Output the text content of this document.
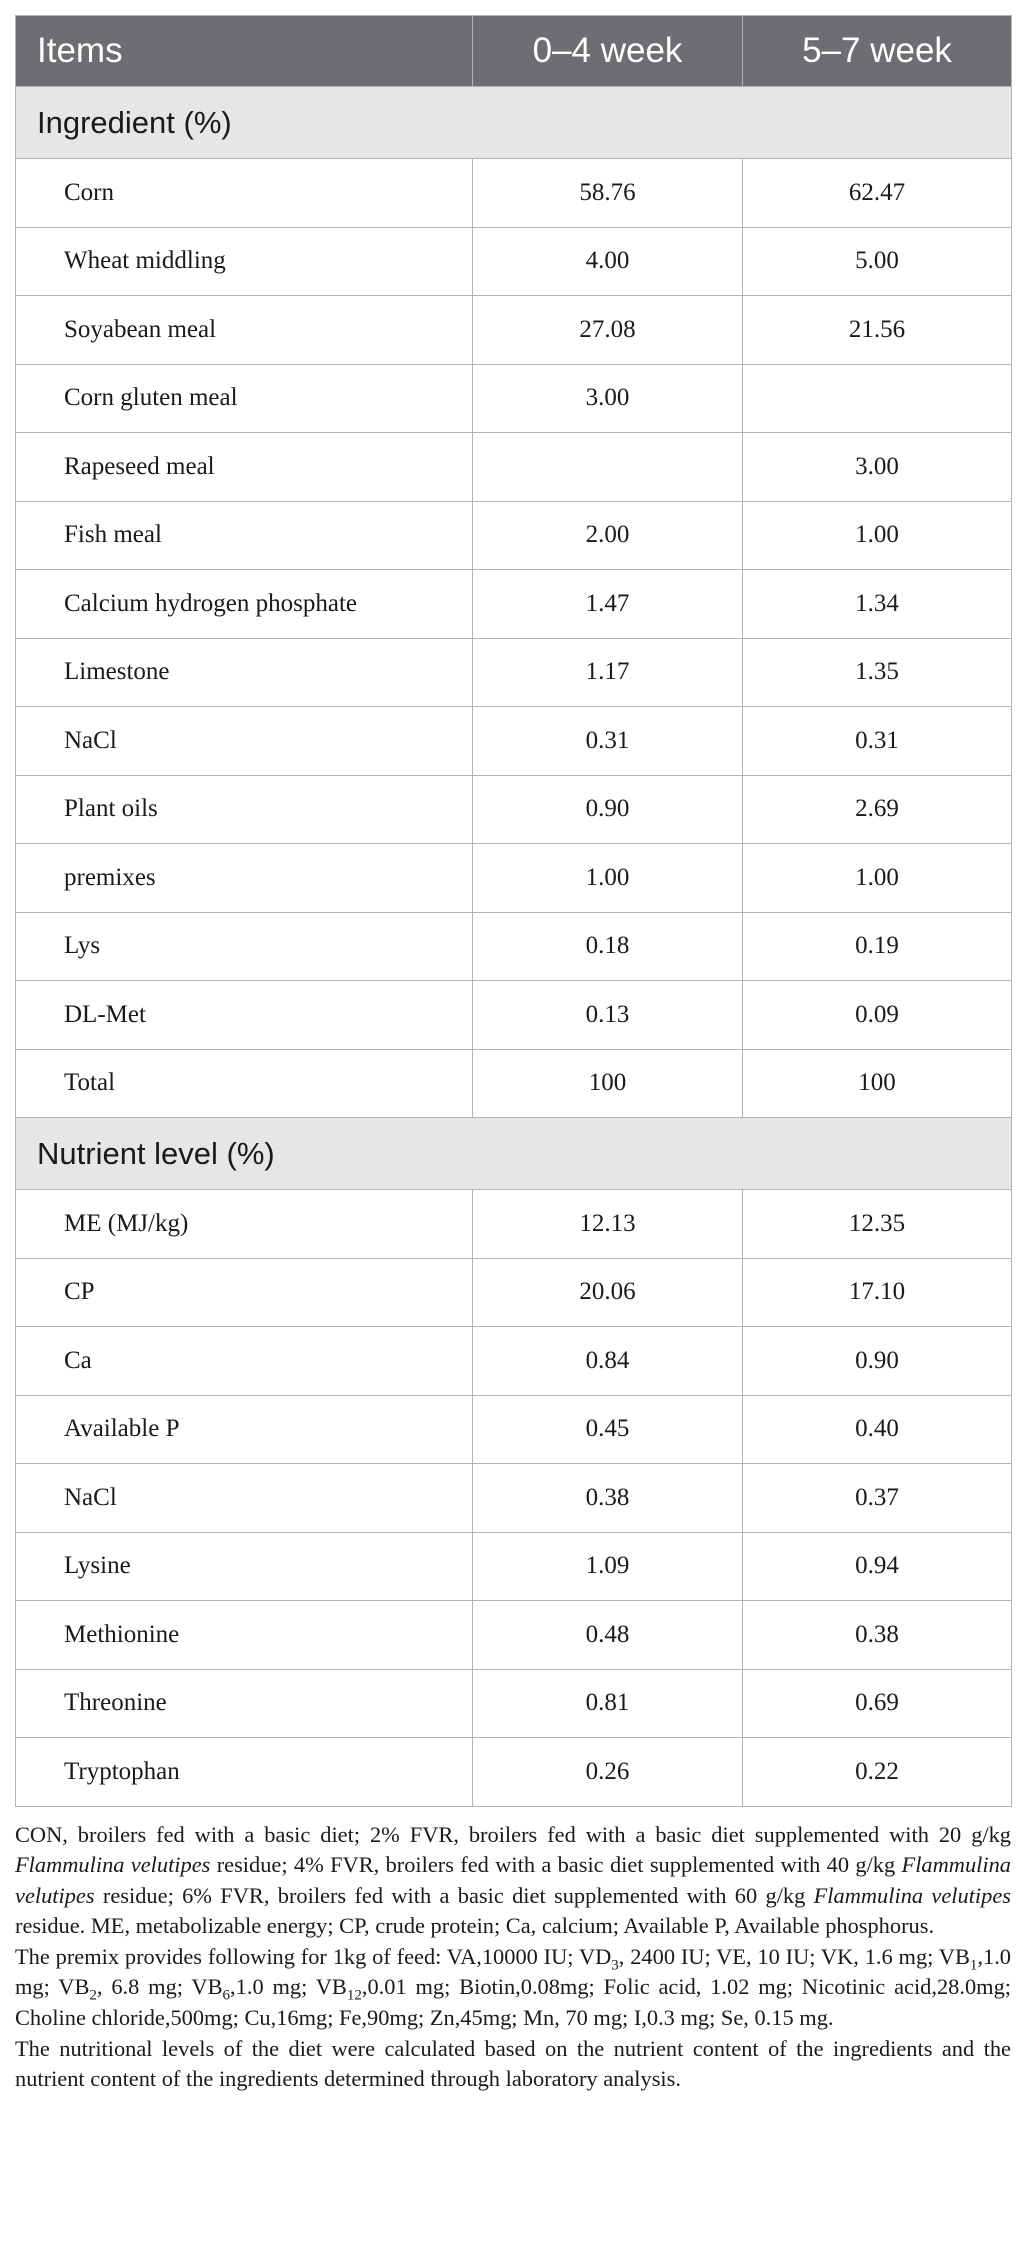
Items	0–4 week	5–7 week
Ingredient (%)		
Corn	58.76	62.47
Wheat middling	4.00	5.00
Soyabean meal	27.08	21.56
Corn gluten meal	3.00	
Rapeseed meal		3.00
Fish meal	2.00	1.00
Calcium hydrogen phosphate	1.47	1.34
Limestone	1.17	1.35
NaCl	0.31	0.31
Plant oils	0.90	2.69
premixes	1.00	1.00
Lys	0.18	0.19
DL-Met	0.13	0.09
Total	100	100
Nutrient level (%)		
ME (MJ/kg)	12.13	12.35
CP	20.06	17.10
Ca	0.84	0.90
Available P	0.45	0.40
NaCl	0.38	0.37
Lysine	1.09	0.94
Methionine	0.48	0.38
Threonine	0.81	0.69
Tryptophan	0.26	0.22

CON, broilers fed with a basic diet; 2% FVR, broilers fed with a basic diet supplemented with 20 g/kg Flammulina velutipes residue; 4% FVR, broilers fed with a basic diet supplemented with 40 g/kg Flammulina velutipes residue; 6% FVR, broilers fed with a basic diet supplemented with 60 g/kg Flammulina velutipes residue. ME, metabolizable energy; CP, crude protein; Ca, calcium; Available P, Available phosphorus.

The premix provides following for 1kg of feed: VA,10000 IU; $VD_3$, 2400 IU; VE, 10 IU; VK, 1.6 mg; $VB_1,1.0$ mg; $VB_2$, 6.8 mg; $VB_6,1.0$ mg; $VB_{12},0.01$ mg; Biotin,0.08mg; Folic acid, 1.02 mg; Nicotinic acid,28.0mg; Choline chloride,500mg; Cu,16mg; Fe,90mg; Zn,45mg; Mn, 70 mg; I,0.3 mg; Se, 0.15 mg.

The nutritional levels of the diet were calculated based on the nutrient content of the ingredients and the nutrient content of the ingredients determined through laboratory analysis.
